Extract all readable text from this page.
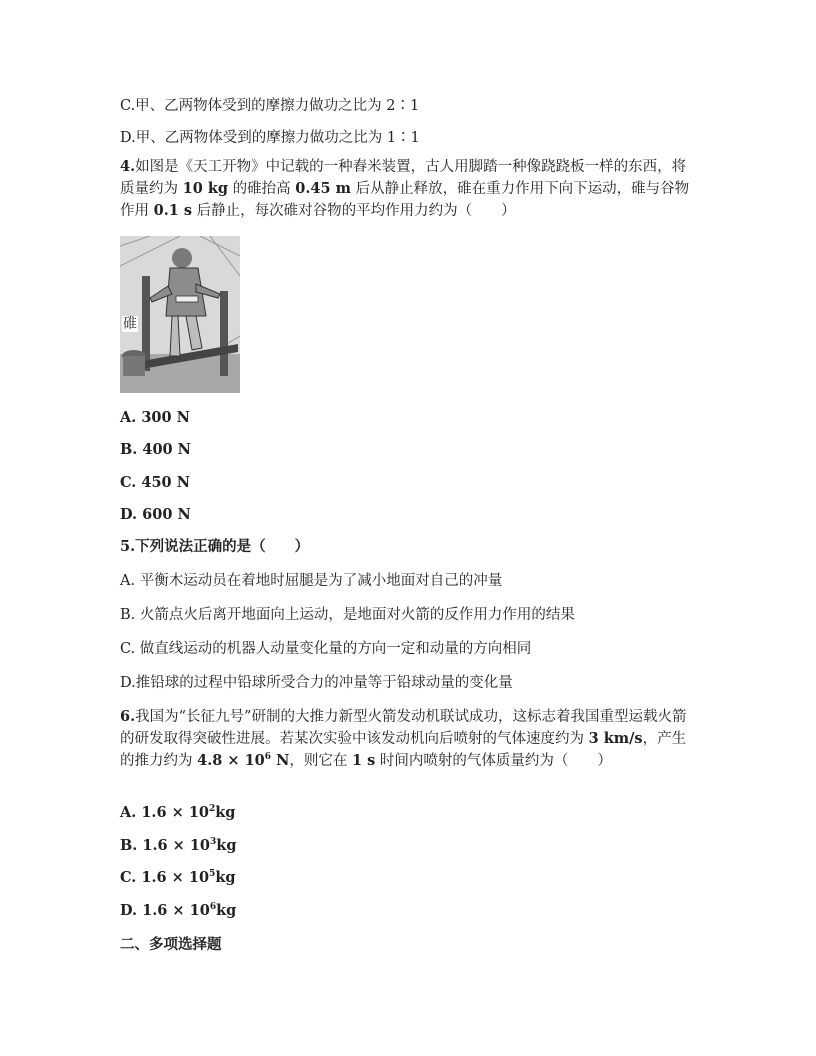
C.甲、乙两物体受到的摩擦力做功之比为 2∶1
D.甲、乙两物体受到的摩擦力做功之比为 1∶1
4.如图是《天工开物》中记载的一种舂米装置，古人用脚踏一种像跷跷板一样的东西，将质量约为 10 kg 的碓抬高 0.45 m 后从静止释放，碓在重力作用下向下运动，碓与谷物作用 0.1 s 后静止，每次碓对谷物的平均作用力约为（　　）
碓
A. 300 N
B. 400 N
C. 450 N
D. 600 N
5.下列说法正确的是（　　）
A. 平衡木运动员在着地时屈腿是为了减小地面对自己的冲量
B. 火箭点火后离开地面向上运动，是地面对火箭的反作用力作用的结果
C. 做直线运动的机器人动量变化量的方向一定和动量的方向相同
D.推铅球的过程中铅球所受合力的冲量等于铅球动量的变化量
6.我国为“长征九号”研制的大推力新型火箭发动机联试成功，这标志着我国重型运载火箭的研发取得突破性进展。若某次实验中该发动机向后喷射的气体速度约为 3 km/s，产生的推力约为 $4.8 \times 10^6$ N，则它在 1 s 时间内喷射的气体质量约为（　　）
A. $1.6 \times 10^2kg$
B. $1.6 \times 10^3kg$
C. $1.6 \times 10^5kg$
D. $1.6 \times 10^6kg$
二、多项选择题
